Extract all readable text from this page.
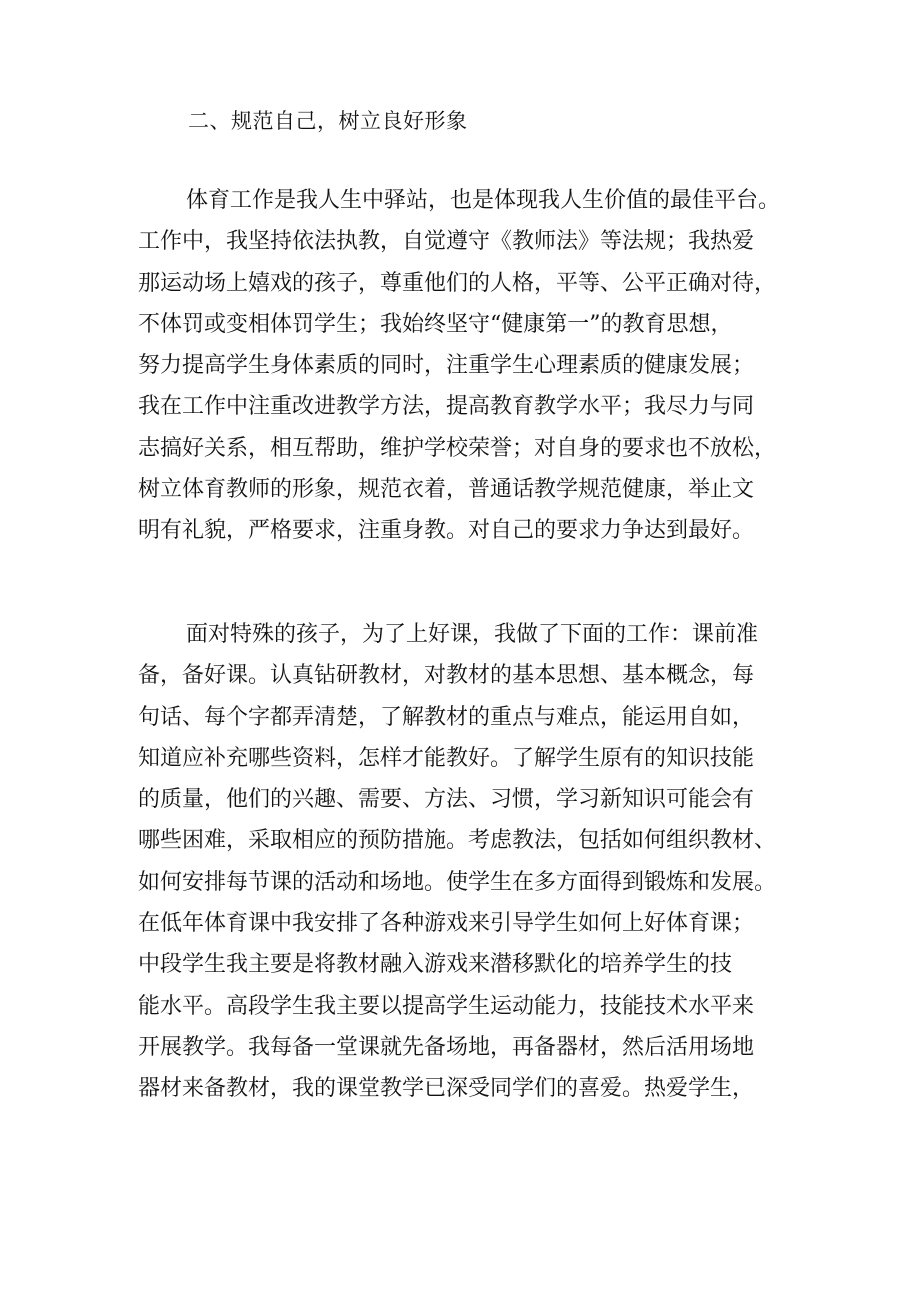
二、规范自己，树立良好形象
体育工作是我人生中驿站，也是体现我人生价值的最佳平台。
工作中，我坚持依法执教，自觉遵守《教师法》等法规；我热爱
那运动场上嬉戏的孩子，尊重他们的人格，平等、公平正确对待，
不体罚或变相体罚学生；我始终坚守“健康第一”的教育思想，
努力提高学生身体素质的同时，注重学生心理素质的健康发展；
我在工作中注重改进教学方法，提高教育教学水平；我尽力与同
志搞好关系，相互帮助，维护学校荣誉；对自身的要求也不放松，
树立体育教师的形象，规范衣着，普通话教学规范健康，举止文
明有礼貌，严格要求，注重身教。对自己的要求力争达到最好。
面对特殊的孩子，为了上好课，我做了下面的工作：课前准
备，备好课。认真钻研教材，对教材的基本思想、基本概念，每
句话、每个字都弄清楚，了解教材的重点与难点，能运用自如，
知道应补充哪些资料，怎样才能教好。了解学生原有的知识技能
的质量，他们的兴趣、需要、方法、习惯，学习新知识可能会有
哪些困难，采取相应的预防措施。考虑教法，包括如何组织教材、
如何安排每节课的活动和场地。使学生在多方面得到锻炼和发展。
在低年体育课中我安排了各种游戏来引导学生如何上好体育课；
中段学生我主要是将教材融入游戏来潜移默化的培养学生的技
能水平。高段学生我主要以提高学生运动能力，技能技术水平来
开展教学。我每备一堂课就先备场地，再备器材，然后活用场地
器材来备教材，我的课堂教学已深受同学们的喜爱。热爱学生，
